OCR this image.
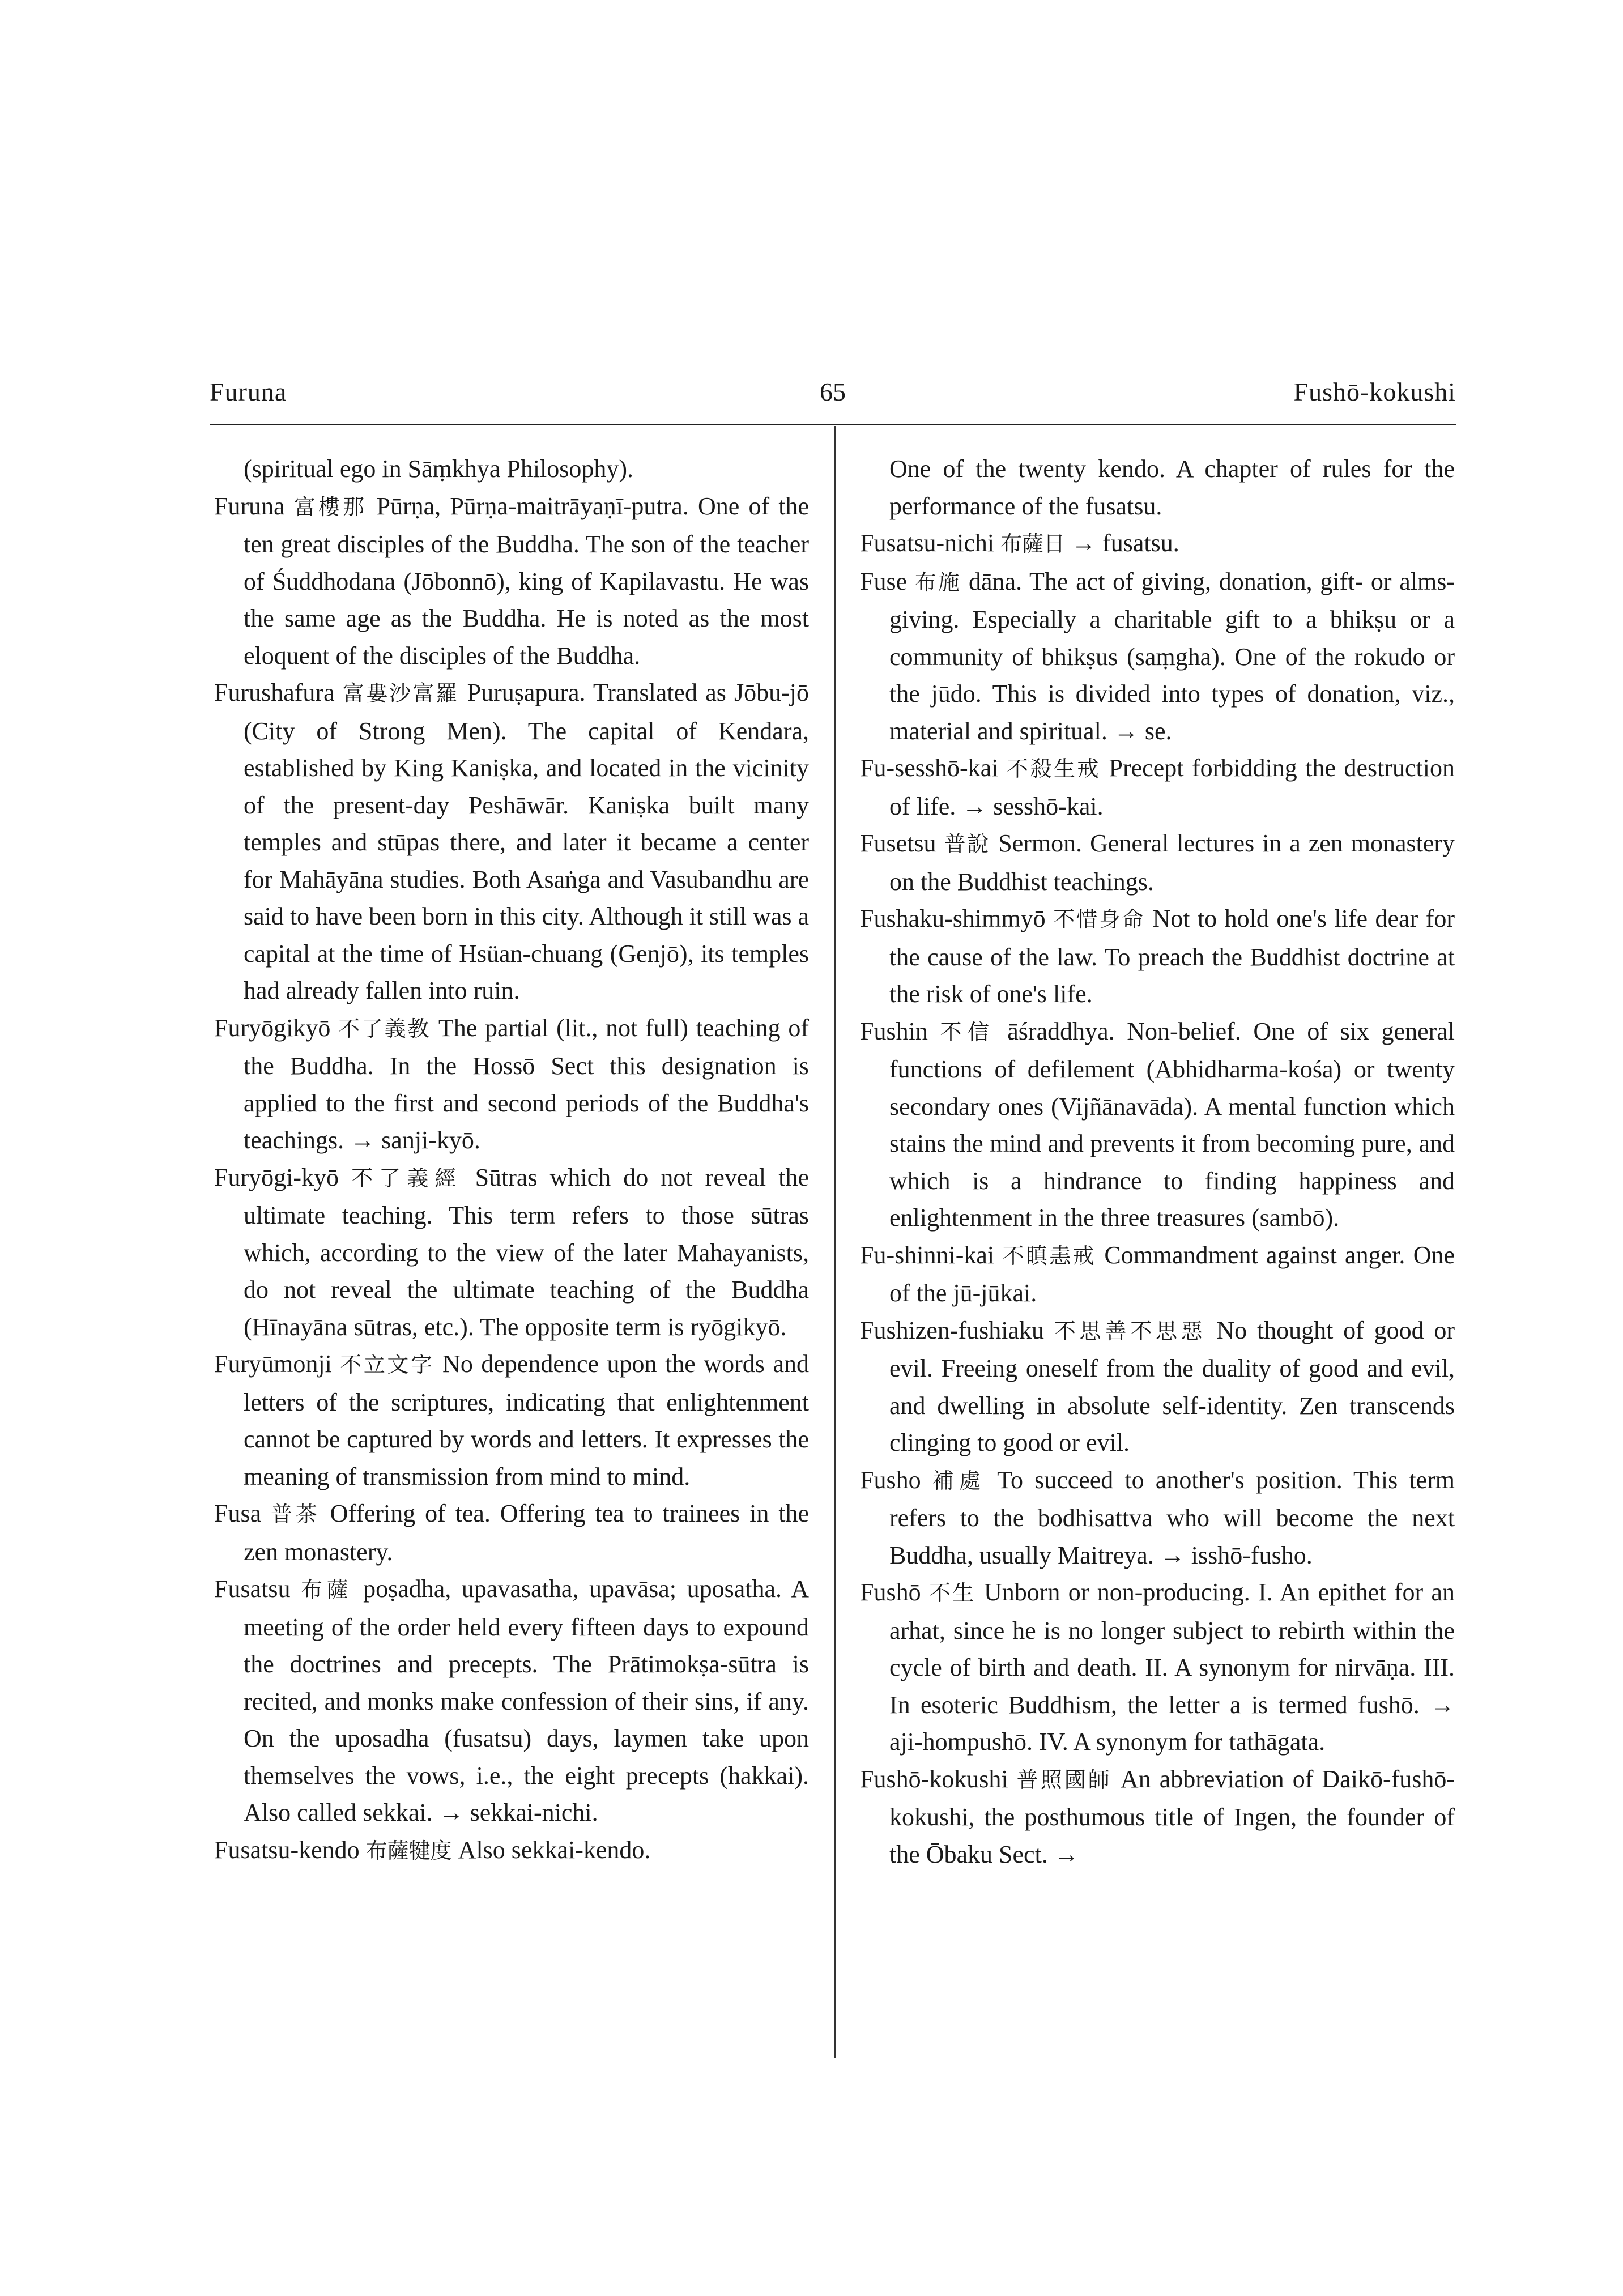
Furuna	65	Fushō-kokushi

(spiritual ego in Sāṃkhya Philosophy).

Furuna 富樓那 Pūrṇa, Pūrṇa-maitrāyaṇī-putra. One of the ten great disciples of the Buddha. The son of the teacher of Śuddhodana (Jōbonnō), king of Kapilavastu. He was the same age as the Buddha. He is noted as the most eloquent of the disciples of the Buddha.

Furushafura 富婁沙富羅 Puruṣapura. Translated as Jōbu-jō (City of Strong Men). The capital of Kendara, established by King Kaniṣka, and located in the vicinity of the present-day Peshāwār. Kaniṣka built many temples and stūpas there, and later it became a center for Mahāyāna studies. Both Asaṅga and Vasubandhu are said to have been born in this city. Although it still was a capital at the time of Hsüan-chuang (Genjō), its temples had already fallen into ruin.

Furyōgikyō 不了義教 The partial (lit., not full) teaching of the Buddha. In the Hossō Sect this designation is applied to the first and second periods of the Buddha's teachings. → sanji-kyō.

Furyōgi-kyō 不了義經 Sūtras which do not reveal the ultimate teaching. This term refers to those sūtras which, according to the view of the later Mahayanists, do not reveal the ultimate teaching of the Buddha (Hīnayāna sūtras, etc.). The opposite term is ryōgikyō.

Furyūmonji 不立文字 No dependence upon the words and letters of the scriptures, indicating that enlightenment cannot be captured by words and letters. It expresses the meaning of transmission from mind to mind.

Fusa 普茶 Offering of tea. Offering tea to trainees in the zen monastery.

Fusatsu 布薩 poṣadha, upavasatha, upavāsa; uposatha. A meeting of the order held every fifteen days to expound the doctrines and precepts. The Prātimokṣa-sūtra is recited, and monks make confession of their sins, if any. On the uposadha (fusatsu) days, laymen take upon themselves the vows, i.e., the eight precepts (hakkai). Also called sekkai. → sekkai-nichi.

Fusatsu-kendo 布薩犍度 Also sekkai-kendo.

One of the twenty kendo. A chapter of rules for the performance of the fusatsu.

Fusatsu-nichi 布薩日 → fusatsu.

Fuse 布施 dāna. The act of giving, donation, gift- or alms-giving. Especially a charitable gift to a bhikṣu or a community of bhikṣus (saṃgha). One of the rokudo or the jūdo. This is divided into types of donation, viz., material and spiritual. → se.

Fu-sesshō-kai 不殺生戒 Precept forbidding the destruction of life. → sesshō-kai.

Fusetsu 普說 Sermon. General lectures in a zen monastery on the Buddhist teachings.

Fushaku-shimmyō 不惜身命 Not to hold one's life dear for the cause of the law. To preach the Buddhist doctrine at the risk of one's life.

Fushin 不信 āśraddhya. Non-belief. One of six general functions of defilement (Abhidharma-kośa) or twenty secondary ones (Vijñānavāda). A mental function which stains the mind and prevents it from becoming pure, and which is a hindrance to finding happiness and enlightenment in the three treasures (sambō).

Fu-shinni-kai 不瞋恚戒 Commandment against anger. One of the jū-jūkai.

Fushizen-fushiaku 不思善不思惡 No thought of good or evil. Freeing oneself from the duality of good and evil, and dwelling in absolute self-identity. Zen transcends clinging to good or evil.

Fusho 補處 To succeed to another's position. This term refers to the bodhisattva who will become the next Buddha, usually Maitreya. → isshō-fusho.

Fushō 不生 Unborn or non-producing. I. An epithet for an arhat, since he is no longer subject to rebirth within the cycle of birth and death. II. A synonym for nirvāṇa. III. In esoteric Buddhism, the letter a is termed fushō. → aji-hompushō. IV. A synonym for tathāgata.

Fushō-kokushi 普照國師 An abbreviation of Daikō-fushō-kokushi, the posthumous title of Ingen, the founder of the Ōbaku Sect. →
